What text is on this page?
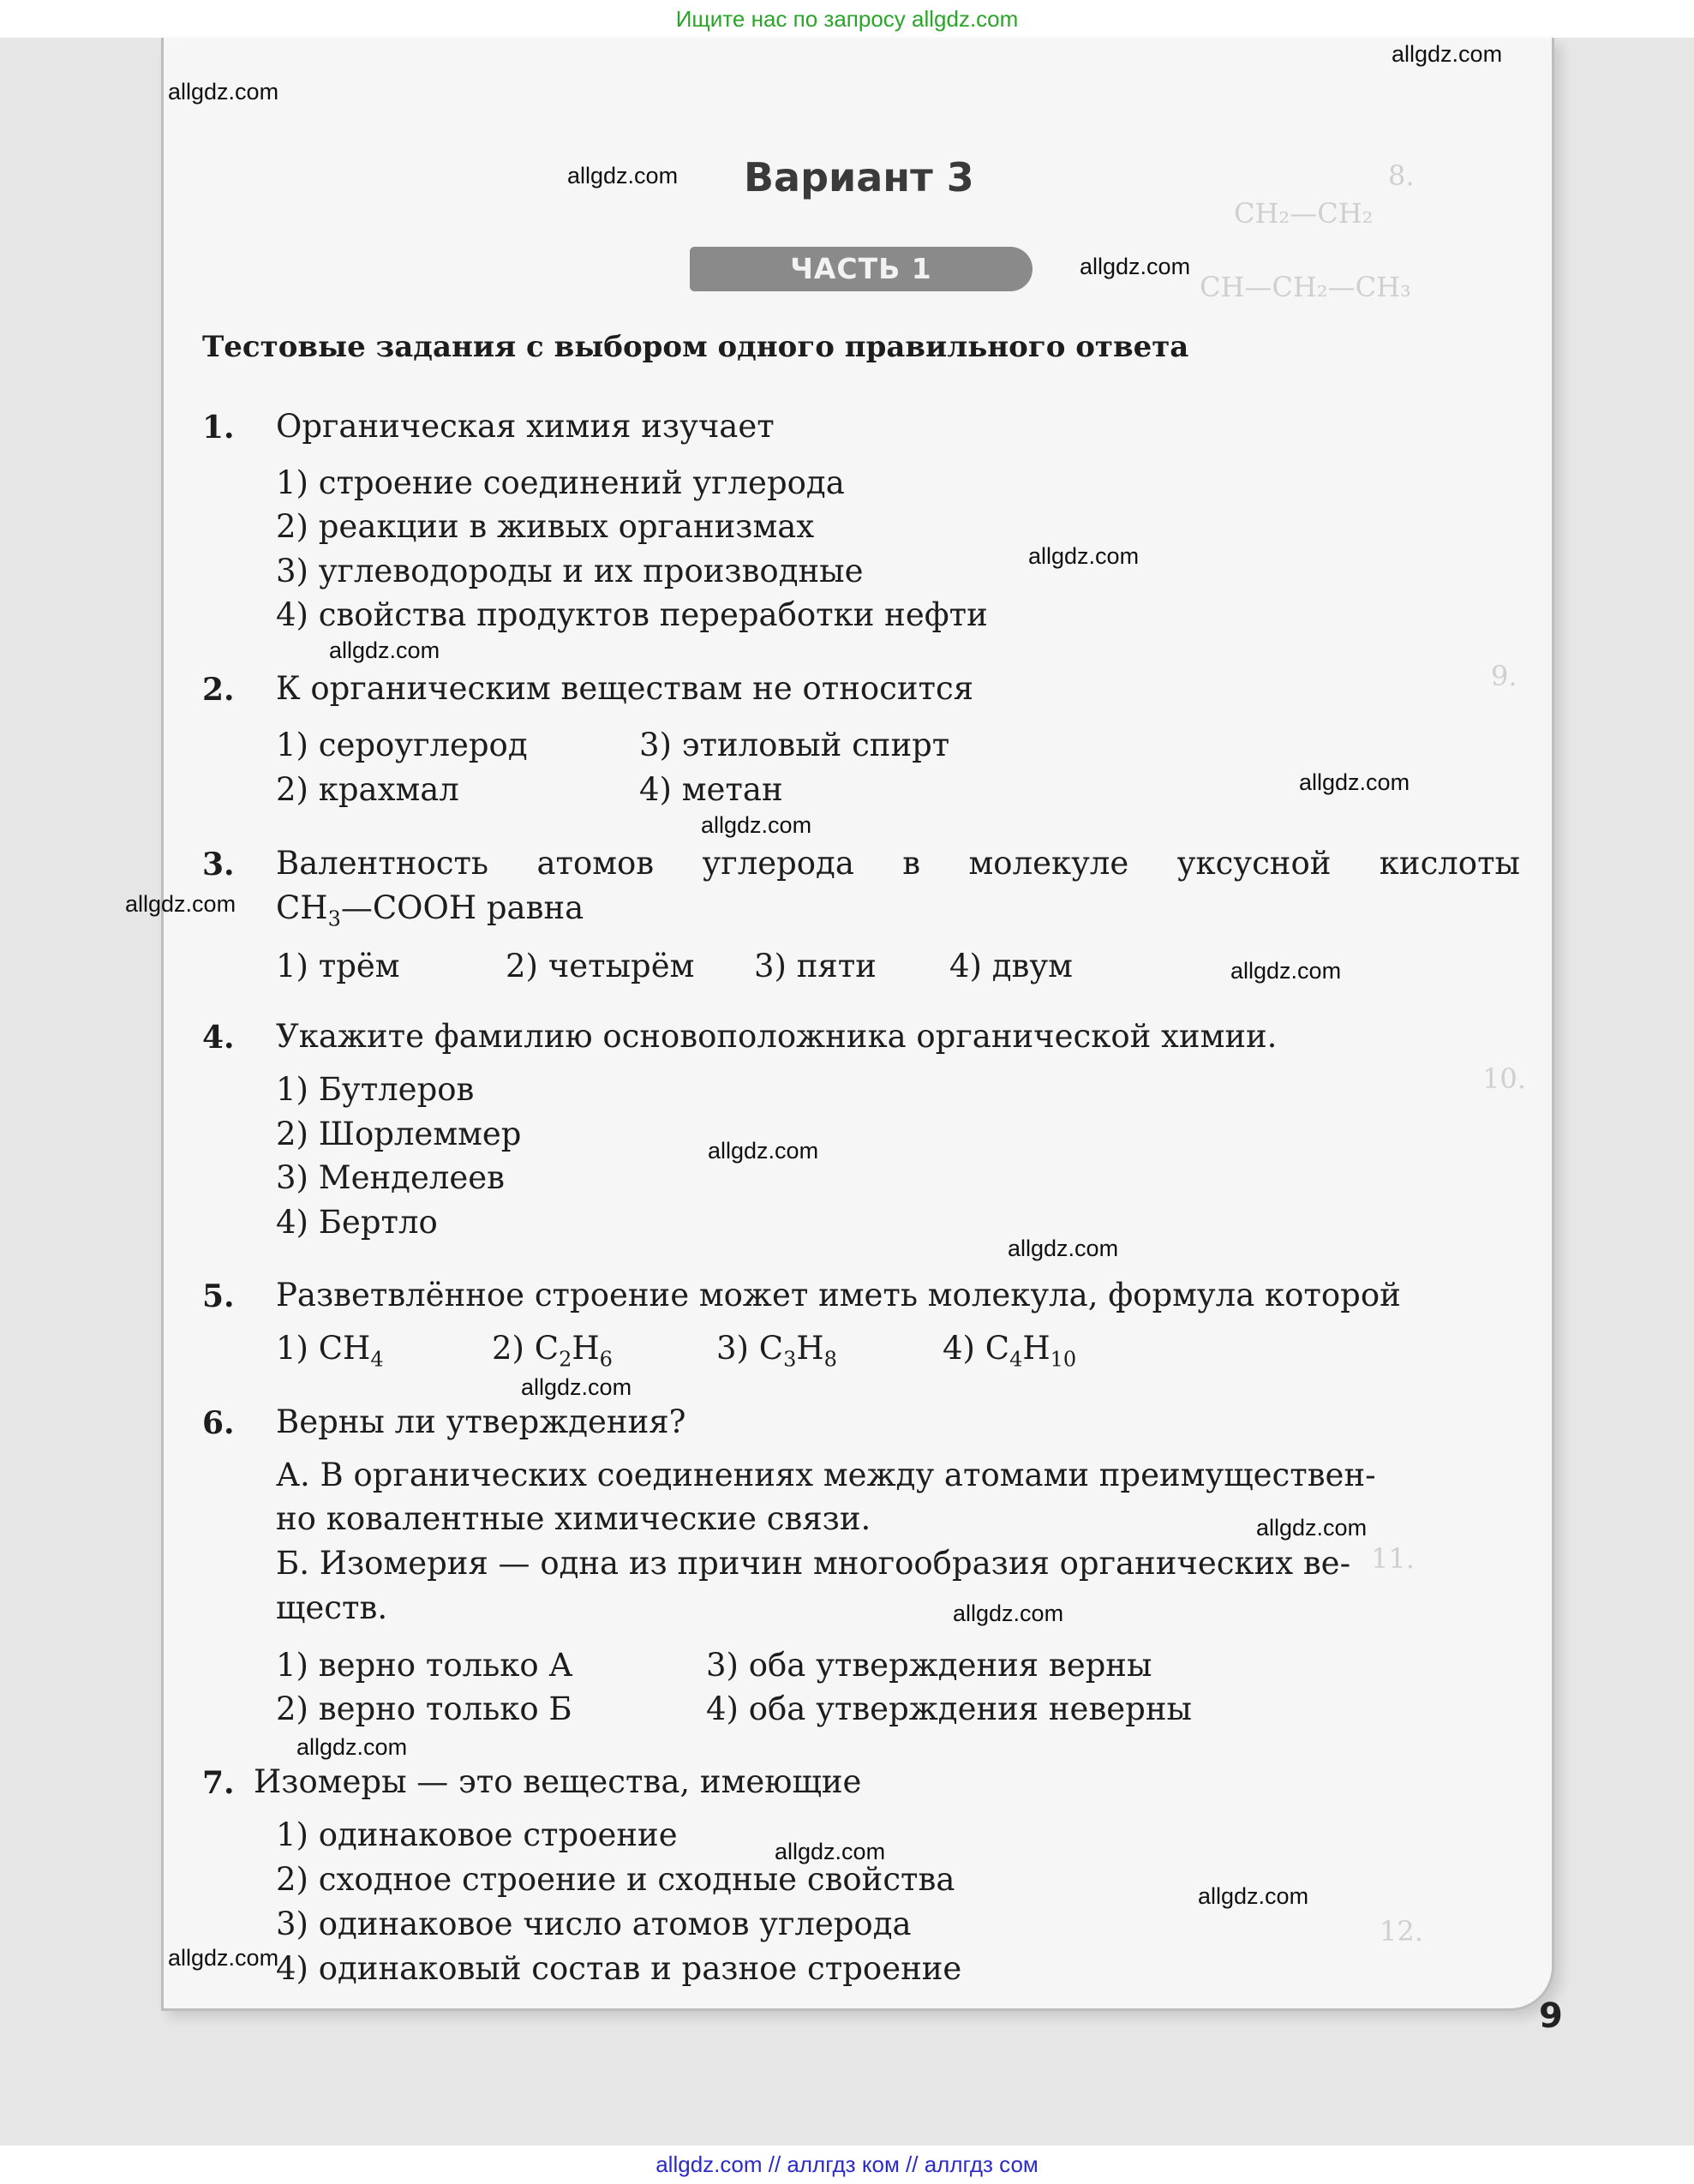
Ищите нас по запросу allgdz.com
8.
CH₂—CH₂
CH—CH₂—CH₃
9.
10.
11.
12.
Вариант 3
ЧАСТЬ 1
Тестовые задания с выбором одного правильного ответа
1. Органическая химия изучает
1) строение соединений углерода
2) реакции в живых организмах
3) углеводороды и их производные
4) свойства продуктов переработки нефти
2. К органическим веществам не относится
1) сероуглерод
2) крахмал
3) этиловый спирт
4) метан
3. Валентность атомов углерода в молекуле уксусной кислоты
$CH_3—COOH$ равна
1) трём	2) четырём 3) пяти 4) двум
4. Укажите фамилию основоположника органической химии.
1) Бутлеров
2) Шорлеммер
3) Менделеев
4) Бертло
5. Разветвлённое строение может иметь молекула, формула которой
1) $CH_4$	2) $C_2H_6$	3) $C_3H_8$	4) $C_4H_{10}$
6. Верны ли утверждения?
А. В органических соединениях между атомами преимуществен-
но ковалентные химические связи.
Б. Изомерия — одна из причин многообразия органических ве-
ществ.
1) верно только А
2) верно только Б
3) оба утверждения верны
4) оба утверждения неверны
7. Изомеры — это вещества, имеющие
1) одинаковое строение
2) сходное строение и сходные свойства
3) одинаковое число атомов углерода
4) одинаковый состав и разное строение
allgdz.com
allgdz.com
allgdz.com
allgdz.com
allgdz.com
allgdz.com
allgdz.com
allgdz.com
allgdz.com
allgdz.com
allgdz.com
allgdz.com
allgdz.com
allgdz.com
allgdz.com
allgdz.com
allgdz.com
allgdz.com
allgdz.com
9
allgdz.com // аллгдз ком // аллгдз сом
